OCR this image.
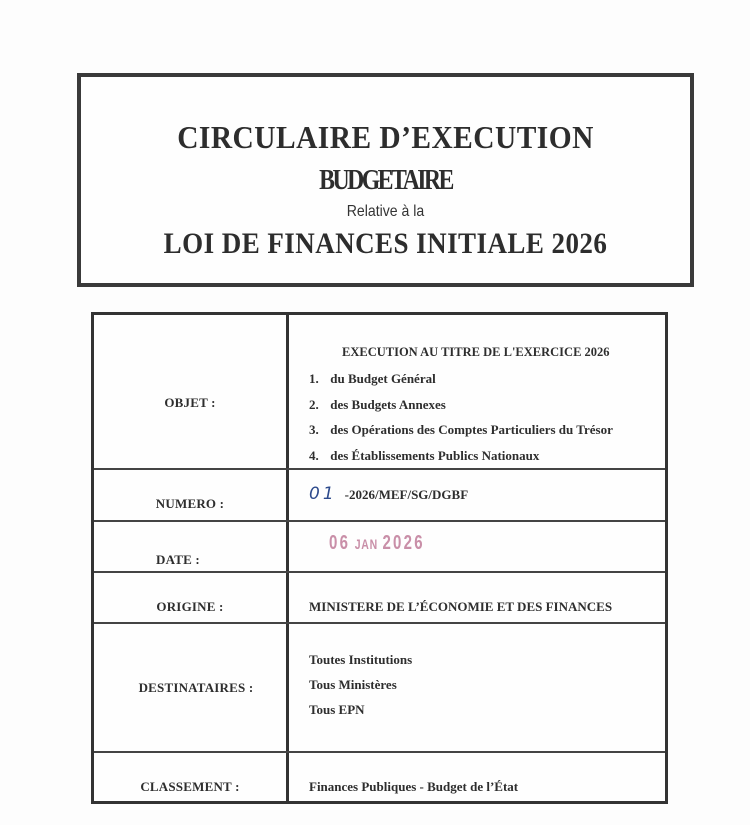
CIRCULAIRE D’EXECUTION
BUDGETAIRE
Relative à la
LOI DE FINANCES INITIALE 2026
OBJET :
EXECUTION AU TITRE DE L'EXERCICE 2026
1. du Budget Général
2. des Budgets Annexes
3. des Opérations des Comptes Particuliers du Trésor
4. des Établissements Publics Nationaux
NUMERO :	01 -2026/MEF/SG/DGBF
DATE :
06 JAN 2026
ORIGINE :	MINISTERE DE L’ÉCONOMIE ET DES FINANCES
DESTINATAIRES :
Toutes Institutions
Tous Ministères
Tous EPN
CLASSEMENT :	Finances Publiques - Budget de l’État
